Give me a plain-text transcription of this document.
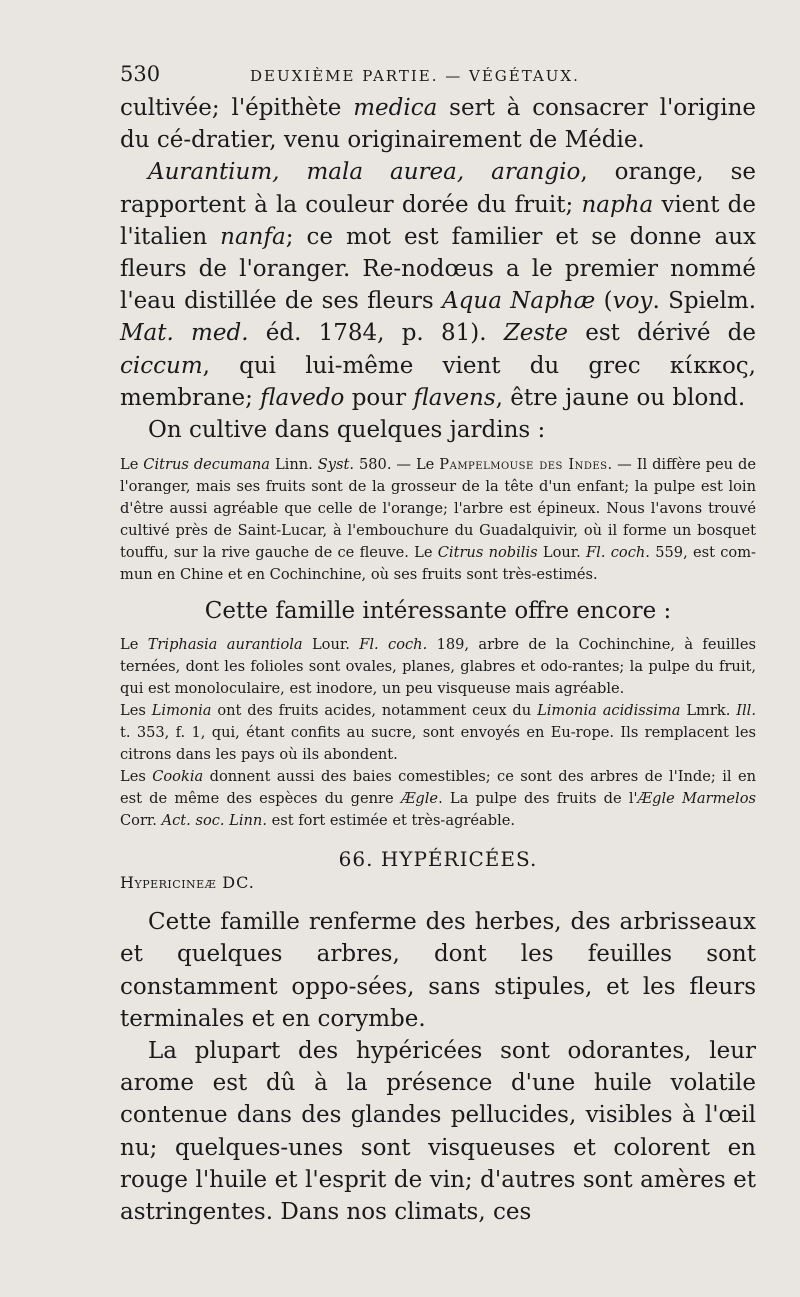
530	DEUXIÈME PARTIE. — VÉGÉTAUX.

cultivée; l'épithète medica sert à consacrer l'origine du cé-dratier, venu originairement de Médie.

Aurantium, mala aurea, arangio, orange, se rapportent à la couleur dorée du fruit; napha vient de l'italien nanfa; ce mot est familier et se donne aux fleurs de l'oranger. Re-nodœus a le premier nommé l'eau distillée de ses fleurs Aqua Naphæ (voy. Spielm. Mat. med. éd. 1784, p. 81). Zeste est dérivé de ciccum, qui lui-même vient du grec κίκκος, membrane; flavedo pour flavens, être jaune ou blond.

On cultive dans quelques jardins :

Le Citrus decumana Linn. Syst. 580. — Le Pampelmouse des Indes. — Il diffère peu de l'oranger, mais ses fruits sont de la grosseur de la tête d'un enfant; la pulpe est loin d'être aussi agréable que celle de l'orange; l'arbre est épineux. Nous l'avons trouvé cultivé près de Saint-Lucar, à l'embouchure du Guadalquivir, où il forme un bosquet touffu, sur la rive gauche de ce fleuve. Le Citrus nobilis Lour. Fl. coch. 559, est com-mun en Chine et en Cochinchine, où ses fruits sont très-estimés.

Cette famille intéressante offre encore :

Le Triphasia aurantiola Lour. Fl. coch. 189, arbre de la Cochinchine, à feuilles ternées, dont les folioles sont ovales, planes, glabres et odo-rantes; la pulpe du fruit, qui est monoloculaire, est inodore, un peu visqueuse mais agréable.

Les Limonia ont des fruits acides, notamment ceux du Limonia acidissima Lmrk. Ill. t. 353, f. 1, qui, étant confits au sucre, sont envoyés en Eu-rope. Ils remplacent les citrons dans les pays où ils abondent.

Les Cookia donnent aussi des baies comestibles; ce sont des arbres de l'Inde; il en est de même des espèces du genre Ægle. La pulpe des fruits de l'Ægle Marmelos Corr. Act. soc. Linn. est fort estimée et très-agréable.

66. HYPÉRICÉES.
Hypericineæ DC.

Cette famille renferme des herbes, des arbrisseaux et quelques arbres, dont les feuilles sont constamment oppo-sées, sans stipules, et les fleurs terminales et en corymbe.

La plupart des hypéricées sont odorantes, leur arome est dû à la présence d'une huile volatile contenue dans des glandes pellucides, visibles à l'œil nu; quelques-unes sont visqueuses et colorent en rouge l'huile et l'esprit de vin; d'autres sont amères et astringentes. Dans nos climats, ces
